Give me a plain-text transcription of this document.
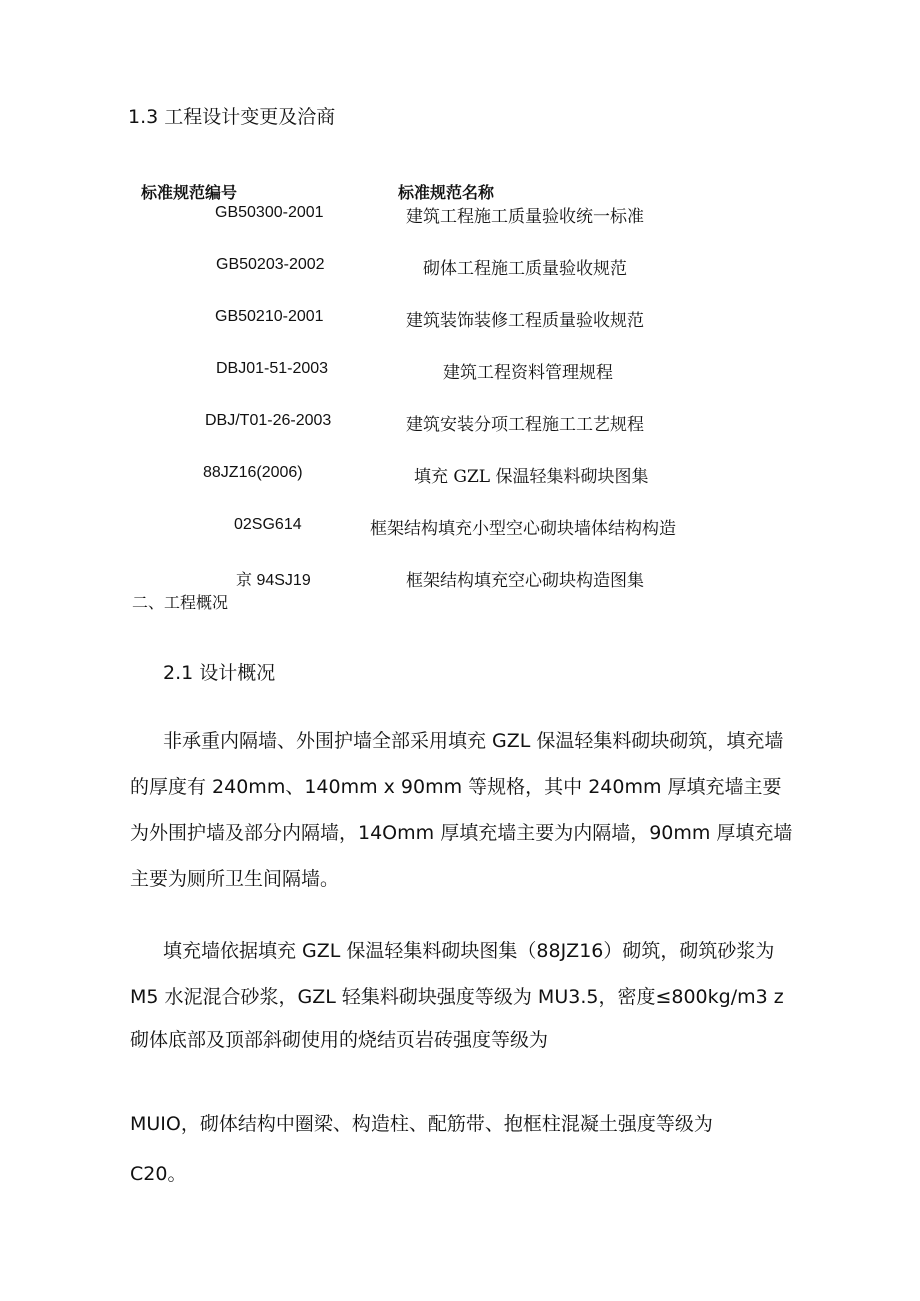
1.3 工程设计变更及洽商
标准规范编号	标准规范名称
GB50300-2001	建筑工程施工质量验收统一标准
GB50203-2002	砌体工程施工质量验收规范
GB50210-2001	建筑装饰装修工程质量验收规范
DBJ01-51-2003	建筑工程资料管理规程
DBJ/T01-26-2003	建筑安装分项工程施工工艺规程
88JZ16(2006)	填充 GZL 保温轻集料砌块图集
02SG614	框架结构填充小型空心砌块墙体结构构造
京 94SJ19	框架结构填充空心砌块构造图集
二、工程概况
2.1 设计概况
非承重内隔墙、外围护墙全部采用填充 GZL 保温轻集料砌块砌筑，填充墙的厚度有 240mm、140mm x 90mm 等规格，其中 240mm 厚填充墙主要为外围护墙及部分内隔墙，14Omm 厚填充墙主要为内隔墙，90mm 厚填充墙主要为厕所卫生间隔墙。
填充墙依据填充 GZL 保温轻集料砌块图集（88JZ16）砌筑，砌筑砂浆为 M5 水泥混合砂浆，GZL 轻集料砌块强度等级为 MU3.5，密度≤800kg/m3 z
砌体底部及顶部斜砌使用的烧结页岩砖强度等级为
MUIO，砌体结构中圈梁、构造柱、配筋带、抱框柱混凝土强度等级为
C20。
